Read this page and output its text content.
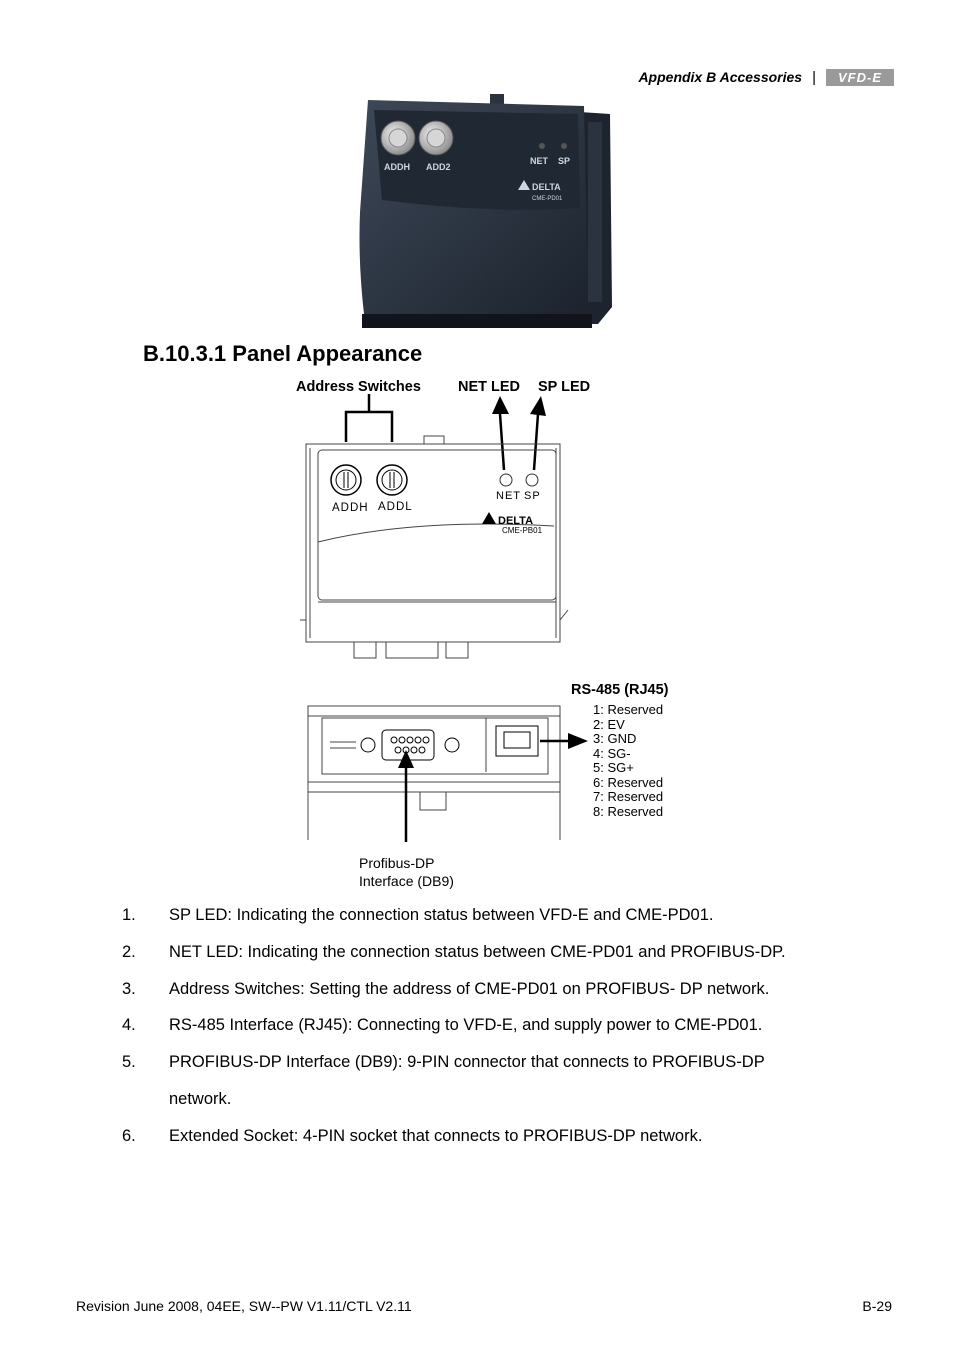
Appendix B Accessories |	VFD-E
ADDH ADD2
NET SP
DELTA
CME-PD01
B.10.3.1 Panel Appearance
Address Switches	NET LED SP LED
ADDH ADDL
NET SP
DELTA
CME-PB01
RS-485 (RJ45)
1: Reserved
2: EV
3: GND
4: SG-
5: SG+
6: Reserved
7: Reserved
8: Reserved
Profibus-DP
Interface (DB9)
1. SP LED: Indicating the connection status between VFD-E and CME-PD01.
2. NET LED: Indicating the connection status between CME-PD01 and PROFIBUS-DP.
3. Address Switches: Setting the address of CME-PD01 on PROFIBUS- DP network.
4. RS-485 Interface (RJ45): Connecting to VFD-E, and supply power to CME-PD01.
5. PROFIBUS-DP Interface (DB9): 9-PIN connector that connects to PROFIBUS-DP
network.
6. Extended Socket: 4-PIN socket that connects to PROFIBUS-DP network.
Revision June 2008, 04EE, SW--PW V1.11/CTL V2.11	B-29
